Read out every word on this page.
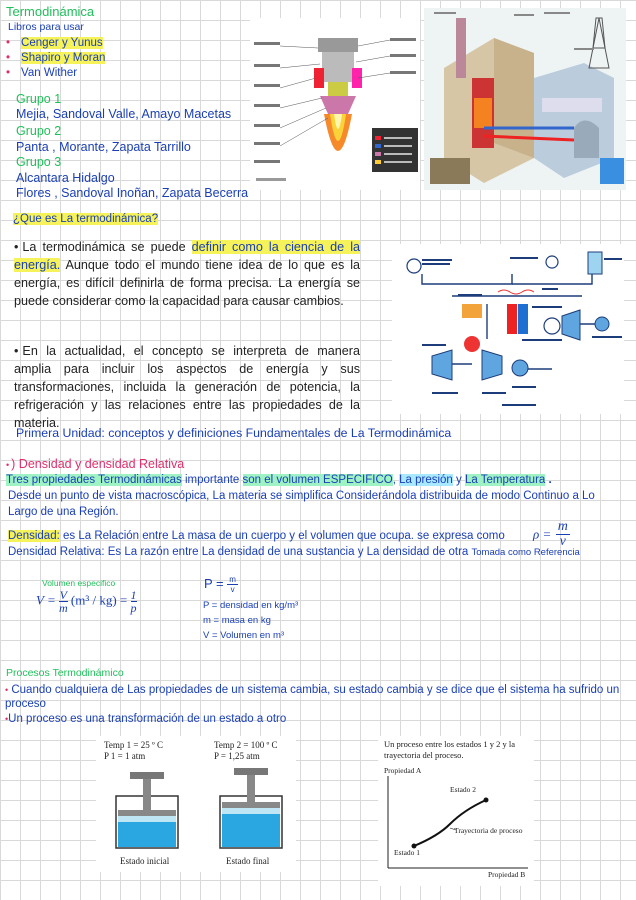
Termodinámica
Libros para usar
• Cenger y Yunus
• Shapiro y Moran
• Van Wither
Grupo 1
Mejia, Sandoval Valle, Amayo Macetas
Grupo 2
Panta , Morante, Zapata Tarrillo
Grupo 3
Alcantara Hidalgo
Flores , Sandoval Inoñan, Zapata Becerra
¿Que es La termodinámica?
• La termodinámica se puede definir como la ciencia de la energía. Aunque todo el mundo tiene idea de lo que es la energía, es difícil definirla de forma precisa. La energía se puede considerar como la capacidad para causar cambios.
• En la actualidad, el concepto se interpreta de manera amplia para incluir los aspectos de energía y sus transformaciones, incluida la generación de potencia, la refrigeración y las relaciones entre las propiedades de la materia.
Primera Unidad: conceptos y definiciones Fundamentales de La Termodinámica
• ) Densidad y densidad Relativa
Tres propiedades Termodinámicas importante son el volumen ESPECIFICO, La presión y La Temperatura .
Desde un punto de vista macroscópica, La materia se simplifica Considerándola distribuida de modo Continuo a Lo Largo de una Región.
Densidad: es La Relación entre La masa de un cuerpo y el volumen que ocupa. se expresa como $\rho = \frac{m}{v}$
Densidad Relativa: Es La razón entre La densidad de una sustancia y La densidad de otra Tomada como Referencia
Volumen especifico
$V = \frac{V}{m} (m^3 / kg) = \frac{1}{p}$
$P = \frac{m}{v}$
P = densidad en kg/m³
m = masa en kg
V = Volumen en m³
Procesos Termodinámico
• Cuando cualquiera de Las propiedades de un sistema cambia, su estado cambia y se dice que el sistema ha sufrido un proceso
•Un proceso es una transformación de un estado a otro
Temp 1 = 25 º C
P 1 = 1 atm
Temp 2 = 100 º C
P = 1,25 atm
Estado inicial	Estado final
Un proceso entre los estados 1 y 2 y la trayectoria del proceso.
Propiedad A
Propiedad B
Estado 1
Estado 2
Trayectoria de proceso
